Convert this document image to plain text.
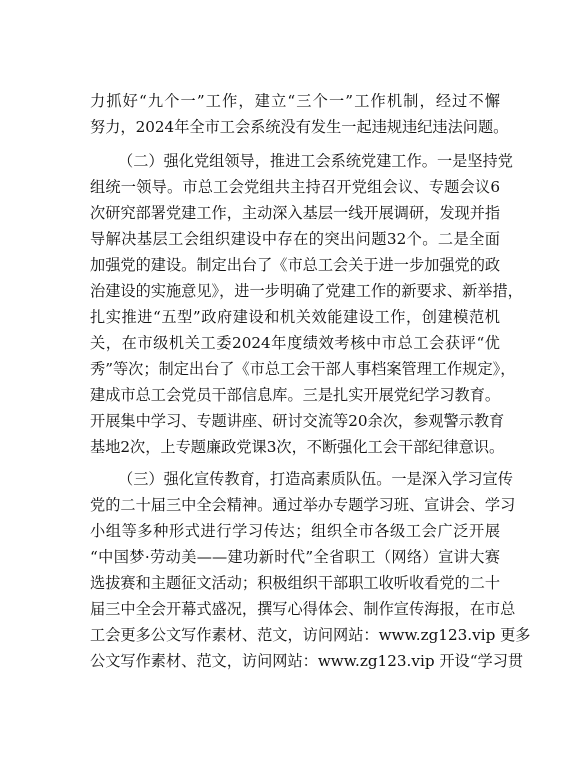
力抓好“九个一”工作，建立“三个一”工作机制，经过不懈
努力，2024年全市工会系统没有发生一起违规违纪违法问题。
（二）强化党组领导，推进工会系统党建工作。一是坚持党
组统一领导。市总工会党组共主持召开党组会议、专题会议6
次研究部署党建工作，主动深入基层一线开展调研，发现并指
导解决基层工会组织建设中存在的突出问题32个。二是全面
加强党的建设。制定出台了《市总工会关于进一步加强党的政
治建设的实施意见》，进一步明确了党建工作的新要求、新举措，
扎实推进“五型”政府建设和机关效能建设工作，创建模范机
关，在市级机关工委2024年度绩效考核中市总工会获评“优
秀”等次；制定出台了《市总工会干部人事档案管理工作规定》，
建成市总工会党员干部信息库。三是扎实开展党纪学习教育。
开展集中学习、专题讲座、研讨交流等20余次，参观警示教育
基地2次，上专题廉政党课3次，不断强化工会干部纪律意识。
（三）强化宣传教育，打造高素质队伍。一是深入学习宣传
党的二十届三中全会精神。通过举办专题学习班、宣讲会、学习
小组等多种形式进行学习传达；组织全市各级工会广泛开展
“中国梦·劳动美——建功新时代”全省职工（网络）宣讲大赛
选拔赛和主题征文活动；积极组织干部职工收听收看党的二十
届三中全会开幕式盛况，撰写心得体会、制作宣传海报，在市总
工会更多公文写作素材、范文，访问网站：www.zg123.vip 更多
公文写作素材、范文，访问网站：www.zg123.vip 开设“学习贯
